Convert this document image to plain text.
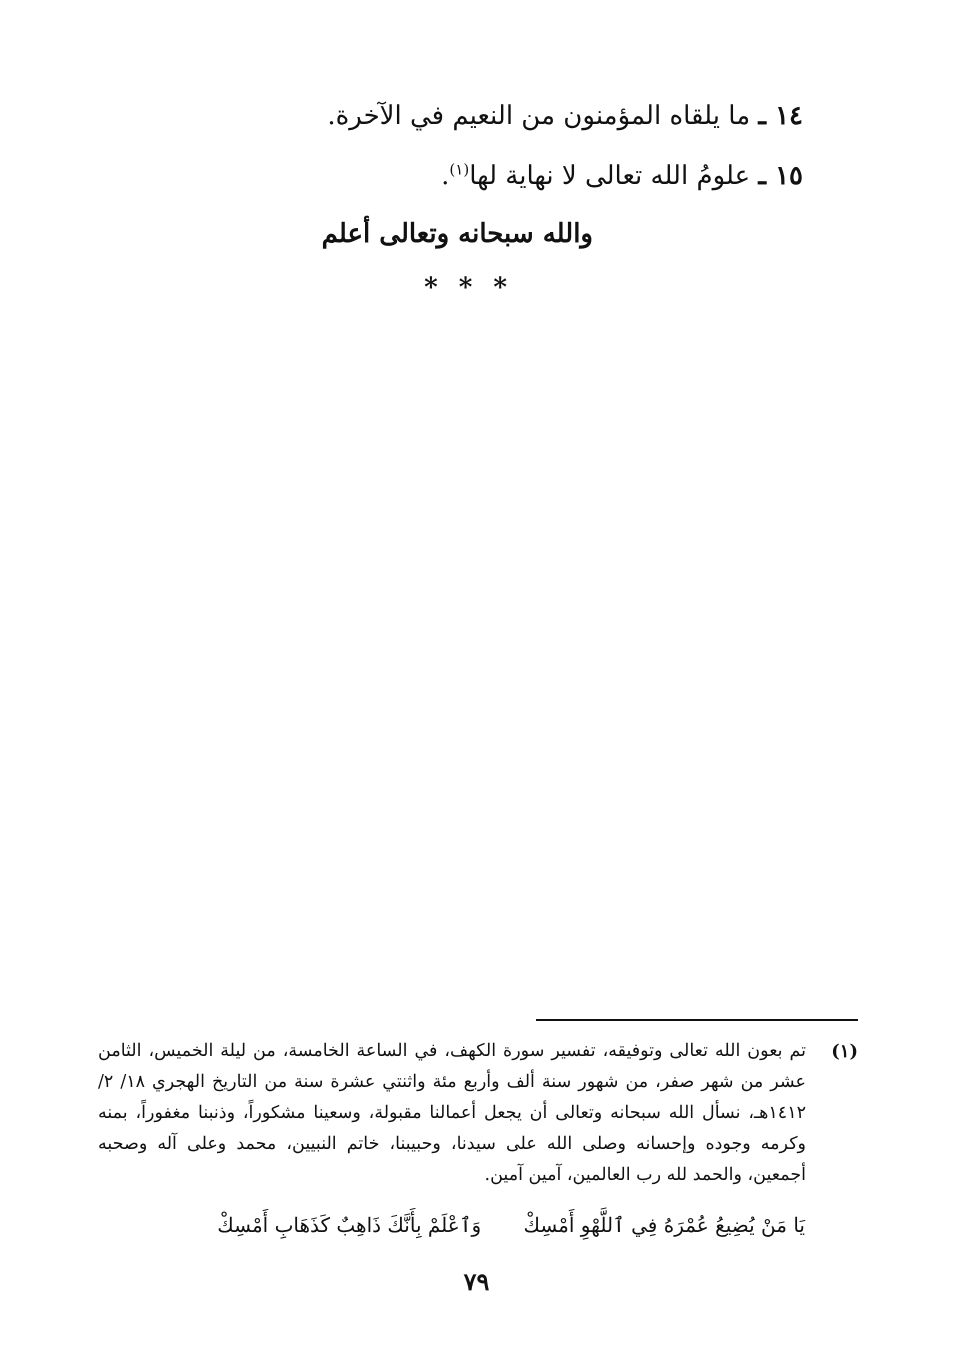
١٤ ـ ما يلقاه المؤمنون من النعيم في الآخرة.
١٥ ـ علومُ الله تعالى لا نهاية لها$^{(١)}$.
والله سبحانه وتعالى أعلم
* * *
(١)
تم بعون الله تعالى وتوفيقه، تفسير سورة الكهف، في الساعة الخامسة، من ليلة الخميس، الثامن عشر من شهر صفر، من شهور سنة ألف وأربع مئة واثنتي عشرة سنة من التاريخ الهجري ١٨/ ٢/ ١٤١٢هـ، نسأل الله سبحانه وتعالى أن يجعل أعمالنا مقبولة، وسعينا مشكوراً، وذنبنا مغفوراً، بمنه وكرمه وجوده وإحسانه وصلى الله على سيدنا، وحبيبنا، خاتم النبيين، محمد وعلى آله وصحبه أجمعين، والحمد لله رب العالمين، آمين آمين.
يَا مَنْ يُضِيعُ عُمْرَهُ فِي ٱللَّهْوِ أَمْسِكْ وَٱعْلَمْ بِأَنَّكَ ذَاهِبٌ كَذَهَابِ أَمْسِكْ
٧٩
